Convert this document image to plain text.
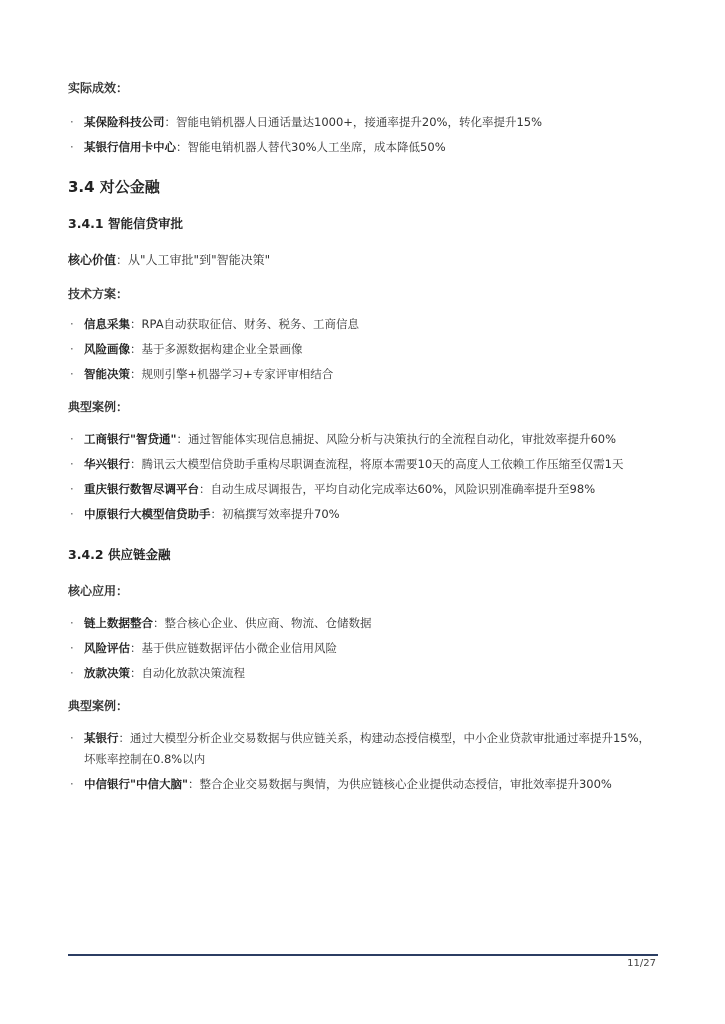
实际成效：

· 某保险科技公司：智能电销机器人日通话量达1000+，接通率提升20%，转化率提升15%
· 某银行信用卡中心：智能电销机器人替代30%人工坐席，成本降低50%

3.4 对公金融

3.4.1 智能信贷审批

核心价值：从"人工审批"到"智能决策"

技术方案：

· 信息采集：RPA自动获取征信、财务、税务、工商信息
· 风险画像：基于多源数据构建企业全景画像
· 智能决策：规则引擎+机器学习+专家评审相结合

典型案例：

· 工商银行"智贷通"：通过智能体实现信息捕捉、风险分析与决策执行的全流程自动化，审批效率提升60%
· 华兴银行：腾讯云大模型信贷助手重构尽职调查流程，将原本需要10天的高度人工依赖工作压缩至仅需1天
· 重庆银行数智尽调平台：自动生成尽调报告，平均自动化完成率达60%，风险识别准确率提升至98%
· 中原银行大模型信贷助手：初稿撰写效率提升70%

3.4.2 供应链金融

核心应用：

· 链上数据整合：整合核心企业、供应商、物流、仓储数据
· 风险评估：基于供应链数据评估小微企业信用风险
· 放款决策：自动化放款决策流程

典型案例：

· 某银行：通过大模型分析企业交易数据与供应链关系，构建动态授信模型，中小企业贷款审批通过率提升15%，坏账率控制在0.8%以内
· 中信银行"中信大脑"：整合企业交易数据与舆情，为供应链核心企业提供动态授信，审批效率提升300%
11/27
